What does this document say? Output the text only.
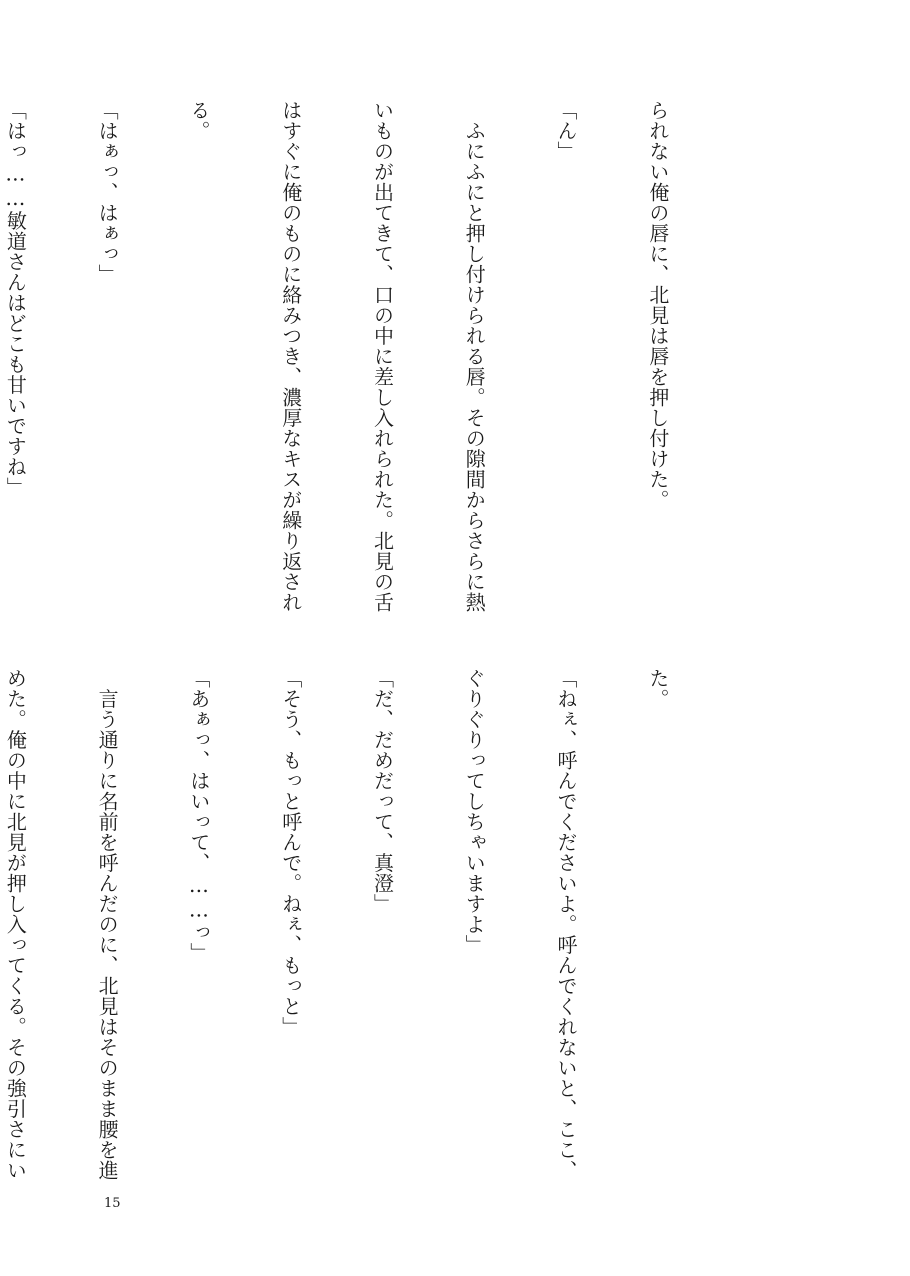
られない俺の唇に、北見は唇を押し付けた。

「ん」

　ふにふにと押し付けられる唇。その隙間からさらに熱

いものが出てきて、口の中に差し入れられた。北見の舌

はすぐに俺のものに絡みつき、濃厚なキスが繰り返され

る。

「はぁっ、はぁっ」

「はっ……敏道さんはどこも甘いですね」

た。

「ねぇ、呼んでくださいよ。呼んでくれないと、ここ、

ぐりぐりってしちゃいますよ」

「だ、だめだって、真澄」

「そう、もっと呼んで。ねぇ、もっと」

「あぁっ、はいって、……っ」

　言う通りに名前を呼んだのに、北見はそのまま腰を進

めた。俺の中に北見が押し入ってくる。その強引さにい

15
